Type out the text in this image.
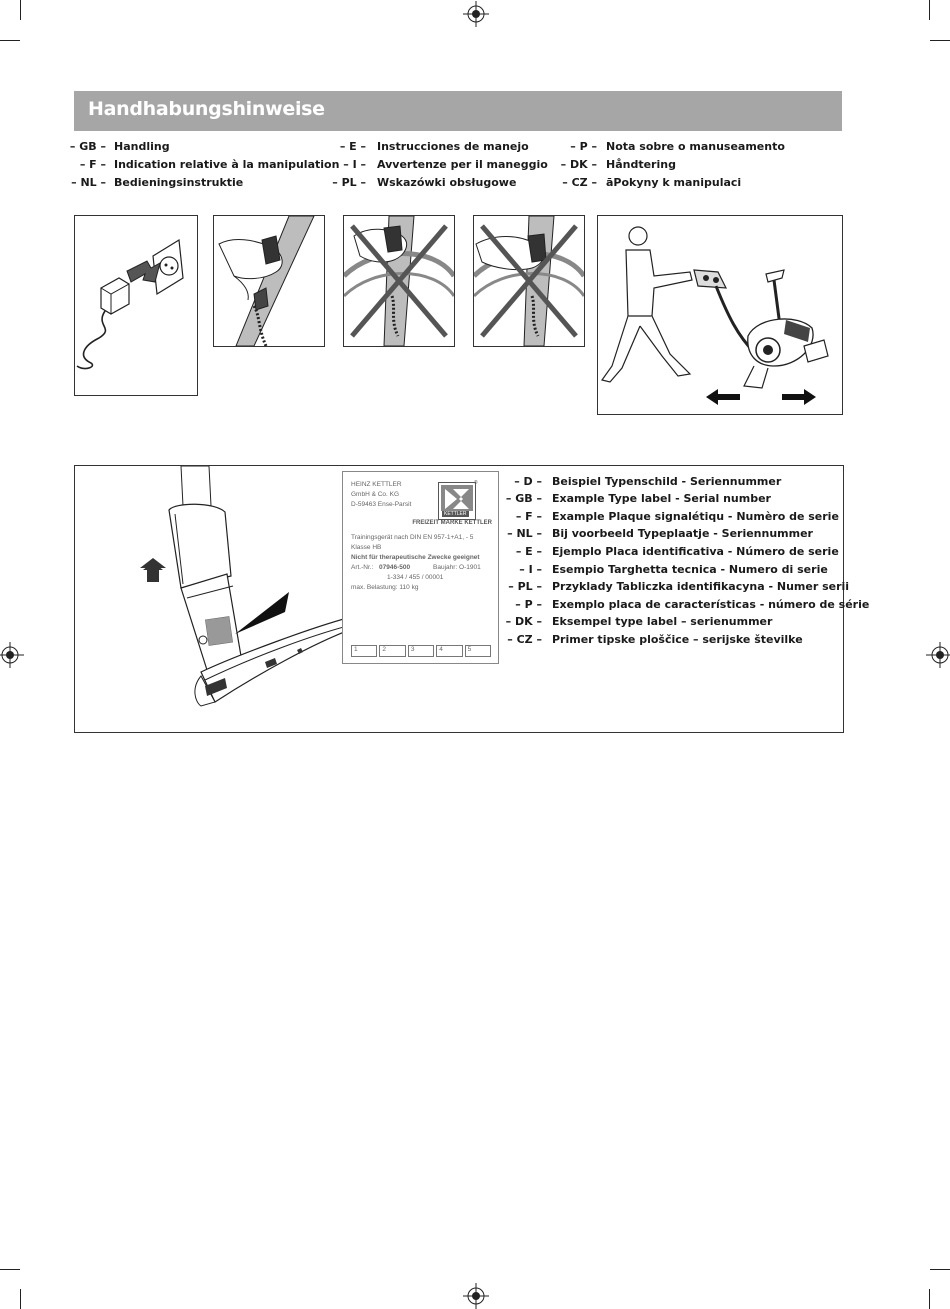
Handhabungshinweise
– GB – Handling
– F – Indication relative à la manipulation
– NL – Bedieningsinstruktie
– E – Instrucciones de manejo
– I – Avvertenze per il maneggio
– PL – Wskazówki obsługowe
– P – Nota sobre o manuseamento
– DK – Håndtering
– CZ – āPokyny k manipulaci
HEINZ KETTLER
GmbH & Co. KG
D-59463 Ense-Parsit
KETTLER
®
FREIZEIT MARKE KETTLER
Trainingsgerät nach DIN EN 957-1+A1, - 5
Klasse HB
Nicht für therapeutische Zwecke geeignet
Art.-Nr.: 07946-500	Baujahr: O-1901
1-334 / 455 / 00001
max. Belastung: 110 kg
1	2	3	4	5
– D – Beispiel Typenschild - Seriennummer
– GB – Example Type label - Serial number
– F – Example Plaque signalétiqu - Numèro de serie
– NL – Bij voorbeeld Typeplaatje - Seriennummer
– E – Ejemplo Placa identificativa - Número de serie
– I – Esempio Targhetta tecnica - Numero di serie
– PL – Przyklady Tabliczka identifikacyna - Numer serii
– P – Exemplo placa de características - número de série
– DK – Eksempel type label – serienummer
– CZ – Primer tipske ploščice – serijske številke
